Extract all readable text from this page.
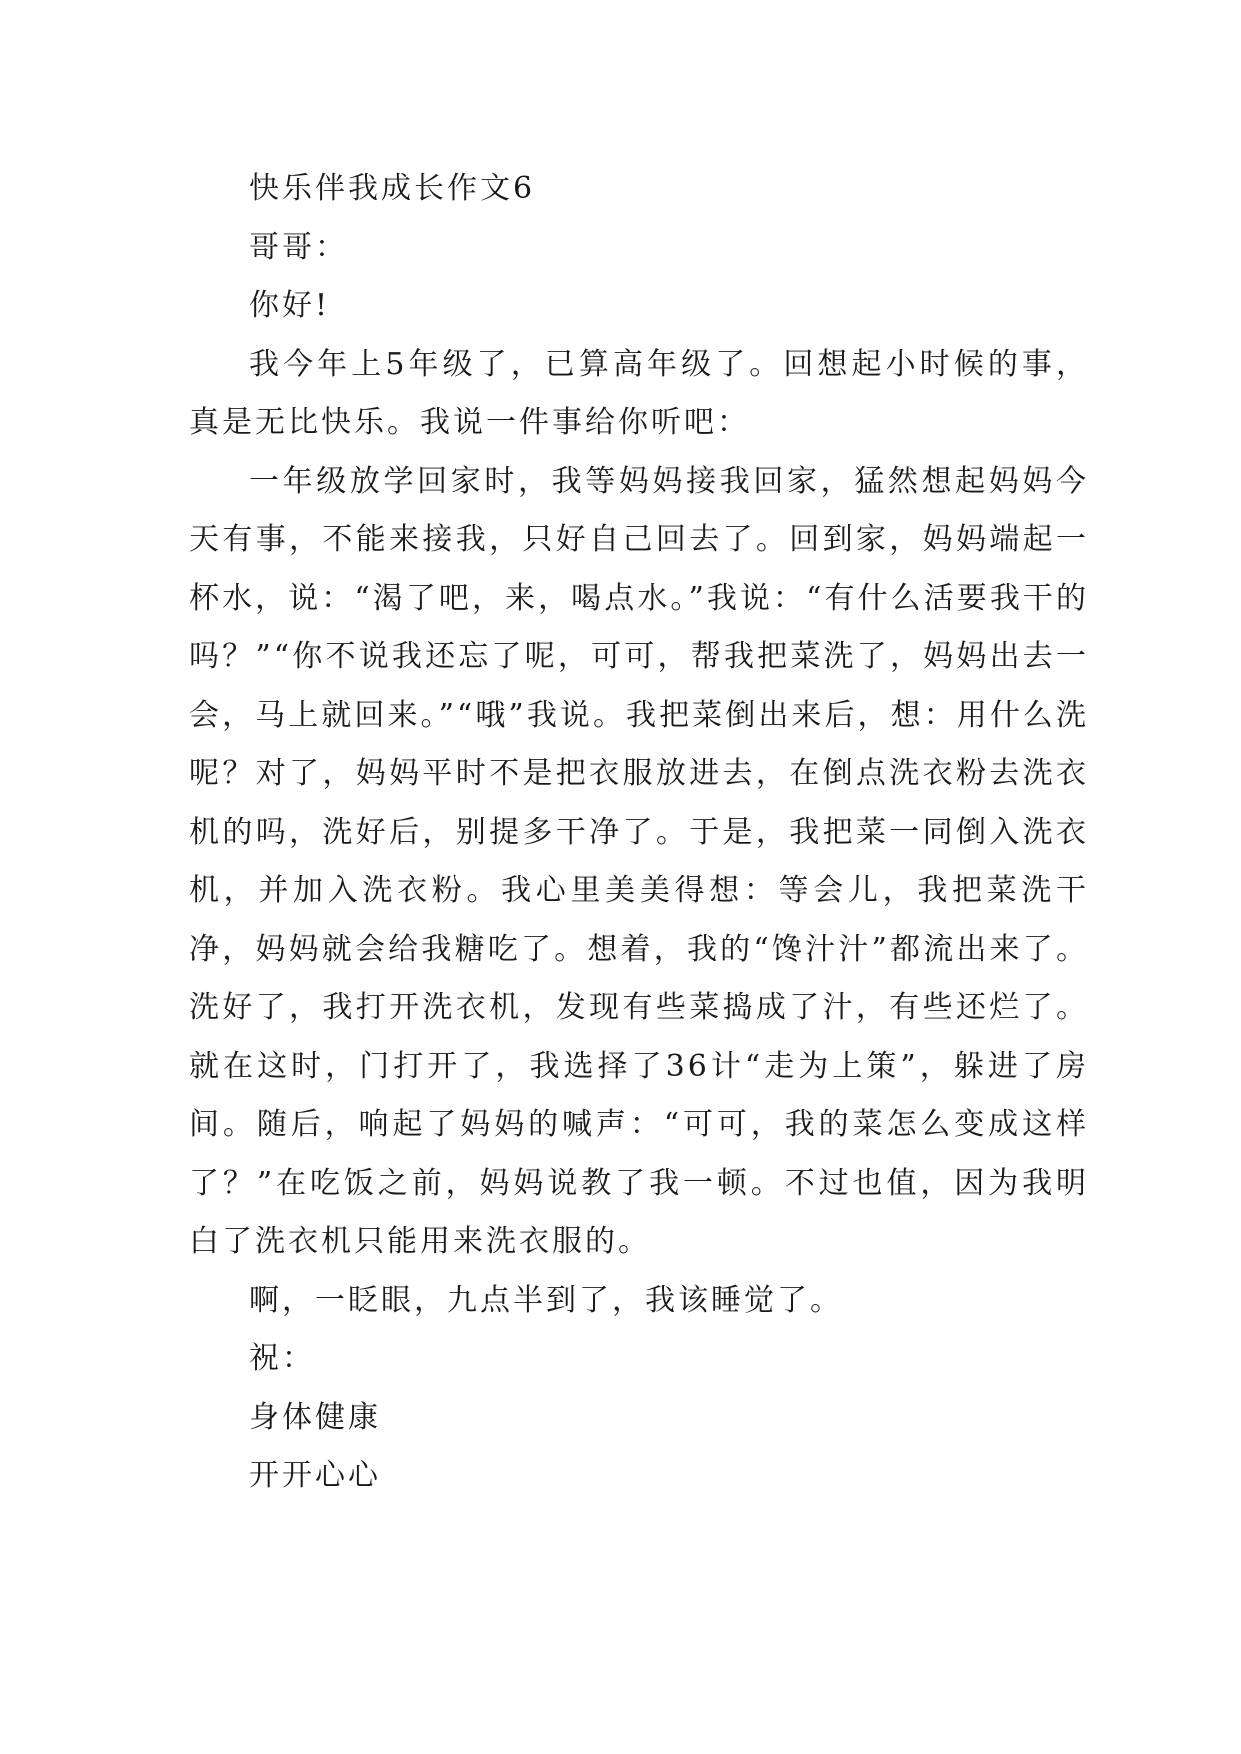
快乐伴我成长作文6

哥哥：

你好!

我今年上5年级了，已算高年级了。回想起小时候的事，真是无比快乐。我说一件事给你听吧：

一年级放学回家时，我等妈妈接我回家，猛然想起妈妈今天有事，不能来接我，只好自己回去了。回到家，妈妈端起一杯水，说：“渴了吧，来，喝点水。”我说：“有什么活要我干的吗？”“你不说我还忘了呢，可可，帮我把菜洗了，妈妈出去一会，马上就回来。”“哦”我说。我把菜倒出来后，想：用什么洗呢？对了，妈妈平时不是把衣服放进去，在倒点洗衣粉去洗衣机的吗，洗好后，别提多干净了。于是，我把菜一同倒入洗衣机，并加入洗衣粉。我心里美美得想：等会儿，我把菜洗干净，妈妈就会给我糖吃了。想着，我的“馋汁汁”都流出来了。洗好了，我打开洗衣机，发现有些菜捣成了汁，有些还烂了。就在这时，门打开了，我选择了36计“走为上策”，躲进了房间。随后，响起了妈妈的喊声：“可可，我的菜怎么变成这样了？”在吃饭之前，妈妈说教了我一顿。不过也值，因为我明白了洗衣机只能用来洗衣服的。

啊，一眨眼，九点半到了，我该睡觉了。

祝：

身体健康

开开心心
